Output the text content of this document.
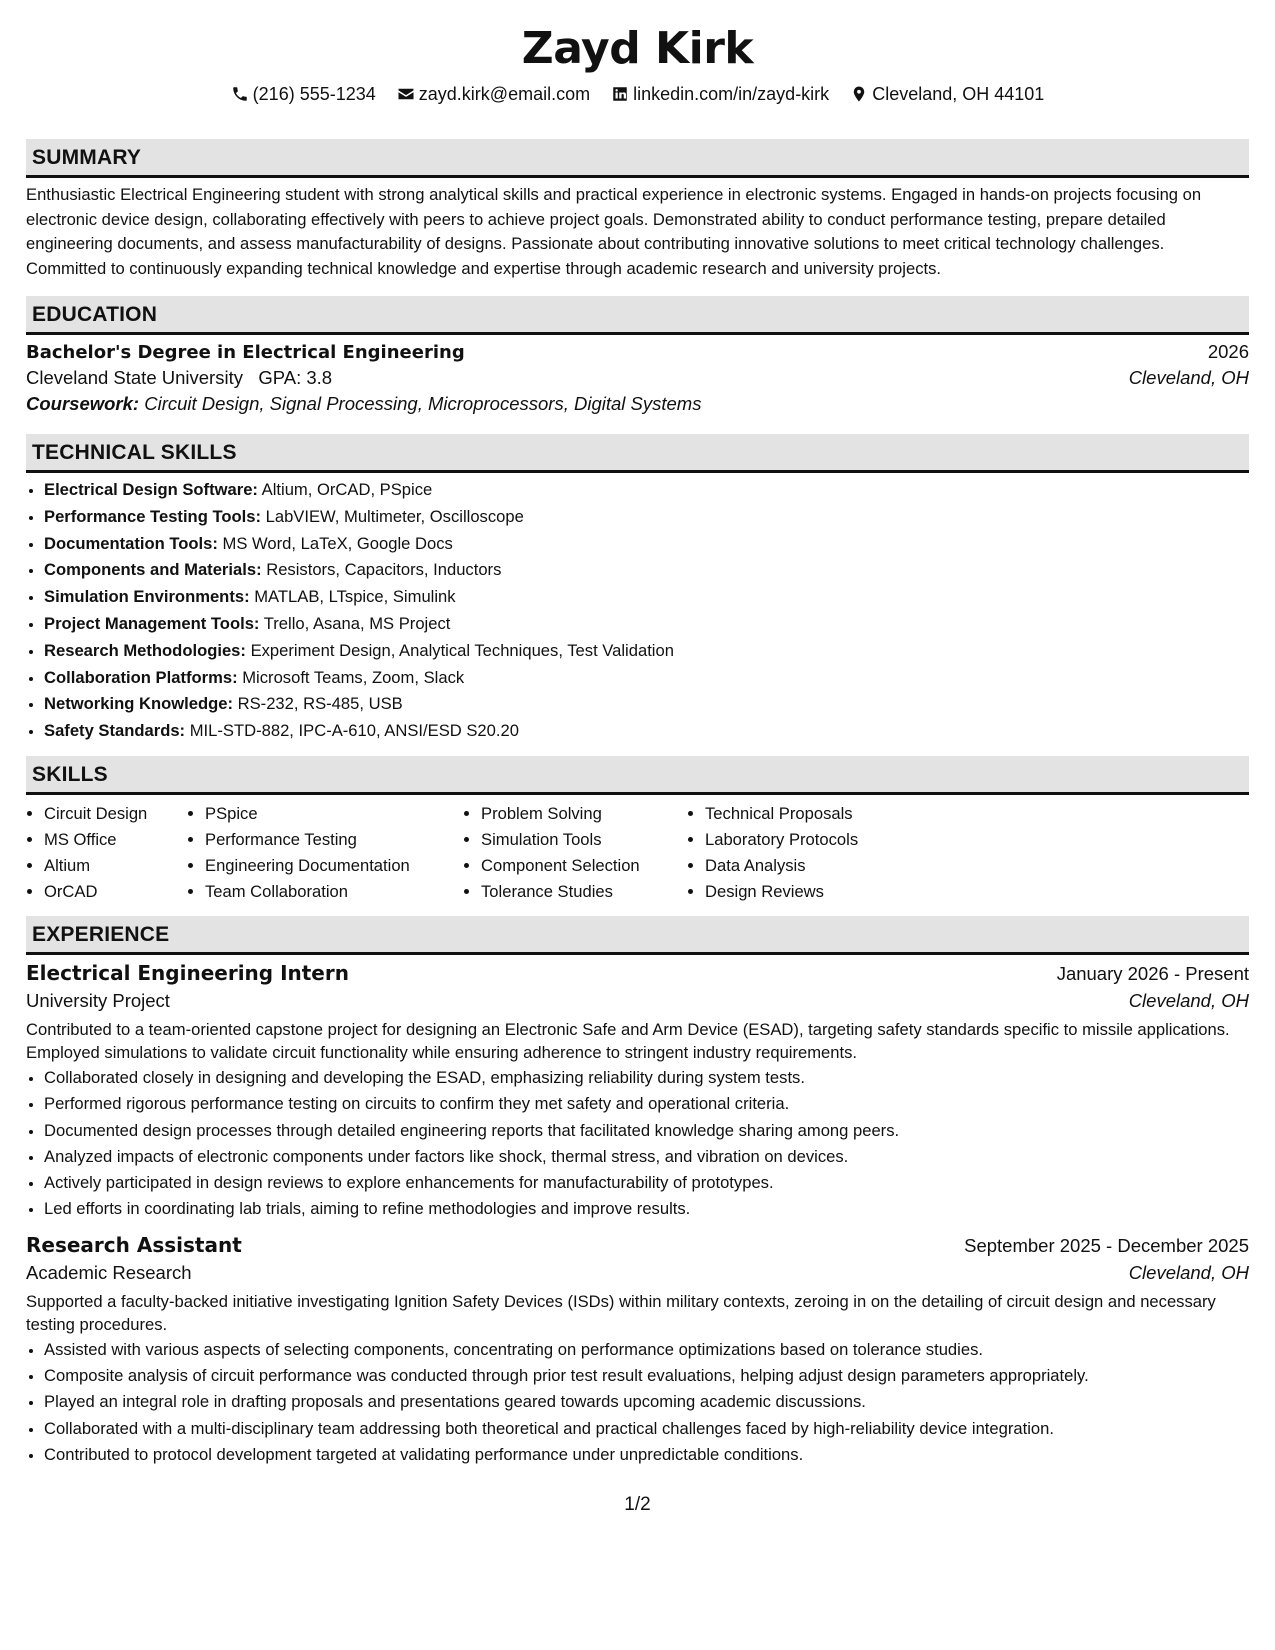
Zayd Kirk
(216) 555-1234
zayd.kirk@email.com
linkedin.com/in/zayd-kirk
Cleveland, OH 44101
SUMMARY

Enthusiastic Electrical Engineering student with strong analytical skills and practical experience in electronic systems. Engaged in hands-on projects focusing on electronic device design, collaborating effectively with peers to achieve project goals. Demonstrated ability to conduct performance testing, prepare detailed engineering documents, and assess manufacturability of designs. Passionate about contributing innovative solutions to meet critical technology challenges. Committed to continuously expanding technical knowledge and expertise through academic research and university projects.

EDUCATION
Bachelor's Degree in Electrical Engineering	2026
Cleveland State University GPA: 3.8	Cleveland, OH
Coursework: Circuit Design, Signal Processing, Microprocessors, Digital Systems
TECHNICAL SKILLS
• Electrical Design Software: Altium, OrCAD, PSpice
• Performance Testing Tools: LabVIEW, Multimeter, Oscilloscope
• Documentation Tools: MS Word, LaTeX, Google Docs
• Components and Materials: Resistors, Capacitors, Inductors
• Simulation Environments: MATLAB, LTspice, Simulink
• Project Management Tools: Trello, Asana, MS Project
• Research Methodologies: Experiment Design, Analytical Techniques, Test Validation
• Collaboration Platforms: Microsoft Teams, Zoom, Slack
• Networking Knowledge: RS-232, RS-485, USB
• Safety Standards: MIL-STD-882, IPC-A-610, ANSI/ESD S20.20
SKILLS
• Circuit Design
• MS Office
• Altium
• OrCAD
• PSpice
• Performance Testing
• Engineering Documentation
• Team Collaboration
• Problem Solving
• Simulation Tools
• Component Selection
• Tolerance Studies
• Technical Proposals
• Laboratory Protocols
• Data Analysis
• Design Reviews
EXPERIENCE
Electrical Engineering Intern	January 2026 - Present
University Project	Cleveland, OH

Contributed to a team-oriented capstone project for designing an Electronic Safe and Arm Device (ESAD), targeting safety standards specific to missile applications. Employed simulations to validate circuit functionality while ensuring adherence to stringent industry requirements.

• Collaborated closely in designing and developing the ESAD, emphasizing reliability during system tests.
• Performed rigorous performance testing on circuits to confirm they met safety and operational criteria.
• Documented design processes through detailed engineering reports that facilitated knowledge sharing among peers.
• Analyzed impacts of electronic components under factors like shock, thermal stress, and vibration on devices.
• Actively participated in design reviews to explore enhancements for manufacturability of prototypes.
• Led efforts in coordinating lab trials, aiming to refine methodologies and improve results.
Research Assistant	September 2025 - December 2025
Academic Research	Cleveland, OH

Supported a faculty-backed initiative investigating Ignition Safety Devices (ISDs) within military contexts, zeroing in on the detailing of circuit design and necessary testing procedures.

• Assisted with various aspects of selecting components, concentrating on performance optimizations based on tolerance studies.
• Composite analysis of circuit performance was conducted through prior test result evaluations, helping adjust design parameters appropriately.
• Played an integral role in drafting proposals and presentations geared towards upcoming academic discussions.
• Collaborated with a multi-disciplinary team addressing both theoretical and practical challenges faced by high-reliability device integration.
• Contributed to protocol development targeted at validating performance under unpredictable conditions.
1/2
